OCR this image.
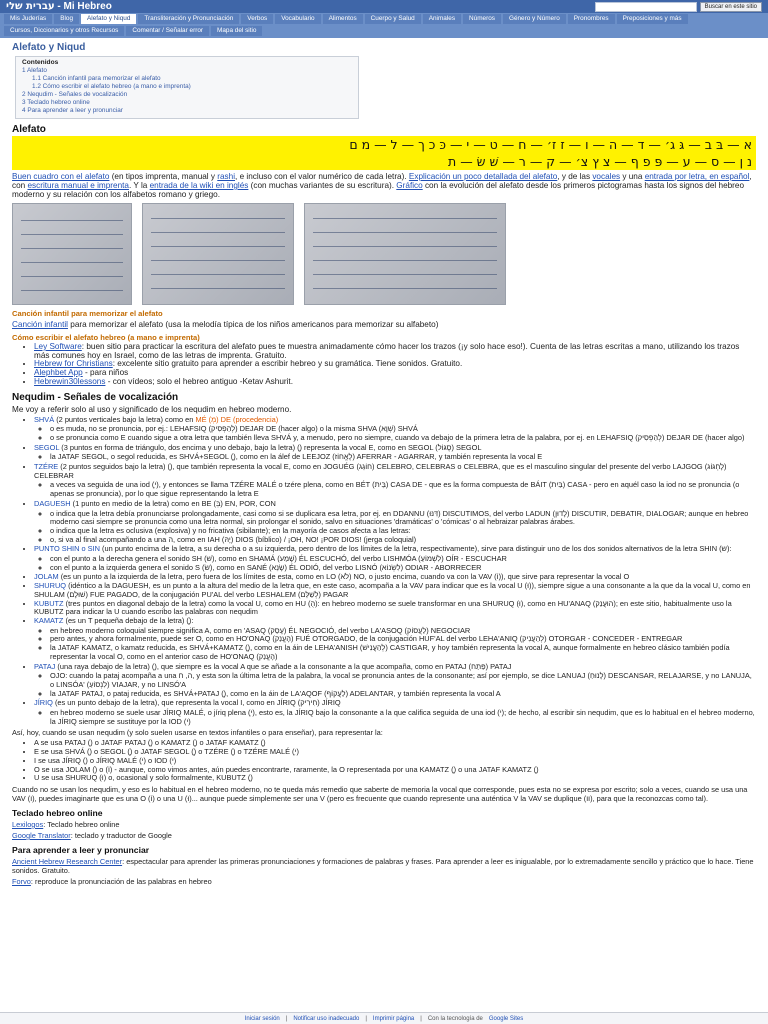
עברית שלי - Mi Hebreo	Buscar en este sitio
Mis Juderías	Blog	Alefato y Niqud	Transliteración y Pronunciación	Verbos	Vocabulario	Alimentos	Cuerpo y Salud	Animales	Números	Género y Número	Pronombres	Preposiciones y más
Cursos, Diccionarios y otros Recursos	Comentar / Señalar error	Mapa del sitio
Alefato y Niqud
Contenidos
1 Alefato
1.1 Canción infantil para memorizar el alefato
1.2 Cómo escribir el alefato hebreo (a mano e imprenta)
2 Nequdim - Señales de vocalización
3 Teclado hebreo online
4 Para aprender a leer y pronunciar
Alefato
א — בּ ב — גּ ג׳ — ד — ה — ו — ז ז׳ — ח — ט — י — כּ כ ך — ל — מ ם
נ ן — ס — ע — פּ פ ף — צ ץ צ׳ — ק — ר — שׁ שׂ — ת

Buen cuadro con el alefato (en tipos imprenta, manual y rashi, e incluso con el valor numérico de cada letra). Explicación un poco detallada del alefato, y de las vocales y una entrada por letra, en español, con escritura manual e imprenta. Y la entrada de la wiki en inglés (con muchas variantes de su escritura). Gráfico con la evolución del alefato desde los primeros pictogramas hasta los signos del hebreo moderno y su relación con los alfabetos romano y griego.

Canción infantil para memorizar el alefato

Canción infantil para memorizar el alefato (usa la melodía típica de los niños americanos para memorizar su alfabeto)

Cómo escribir el alefato hebreo (a mano e imprenta)
• Ley Software: buen sitio para practicar la escritura del alefato pues te muestra animadamente cómo hacer los trazos (¡y solo hace eso!). Cuenta de las letras escritas a mano, utilizando los trazos más comunes hoy en Israel, como de las letras de imprenta. Gratuito.
• Hebrew for Christians: excelente sitio gratuito para aprender a escribir hebreo y su gramática. Tiene sonidos. Gratuito.
• Alephbet App - para niños
• Hebrewin30lessons - con vídeos; solo el hebreo antiguo -Ketav Ashurit.
Nequdim - Señales de vocalización

Me voy a referir solo al uso y significado de los nequdim en hebreo moderno.

• SHVÁ (2 puntos verticales bajo la letra) como en MÉ (מְ) DE (procedencia)
◦ o es muda, no se pronuncia, por ej.: LEHAFSIQ (לְהַפְסִיק) DEJAR DE (hacer algo) o la misma SHVA (שְׁוָא) SHVÁ
◦ o se pronuncia como E cuando sigue a otra letra que también lleva SHVÁ y, a menudo, pero no siempre, cuando va debajo de la primera letra de la palabra, por ej. en LEHAFSIQ (לְהַפְסִיק) DEJAR DE (hacer algo)
• SEGOL (3 puntos en forma de triángulo, dos encima y uno debajo, bajo la letra) (ֶ) representa la vocal E, como en SEGOL (סֶגּוֹל) SEGOL
◦ la JATAF SEGOL, o segol reducida, es SHVÁ+SEGOL (ֱ), como en la álef de LEEJOZ (לֶאֱחוֹז) AFERRAR - AGARRAR, y también representa la vocal E
• TZÉRE (2 puntos seguidos bajo la letra) (ֵ), que también representa la vocal E, como en JOGUÉG (חוֹגֵג) CELEBRO, CELEBRAS o CELEBRA, que es el masculino singular del presente del verbo LAJGOG (לָחְגּוֹג) CELEBRAR
◦ a veces va seguida de una iod (ֵי), y entonces se llama TZÉRE MALÉ o tzére plena, como en BÉT (בֵּית) CASA DE - que es la forma compuesta de BÁIT (בַּיִת) CASA - pero en aquél caso la iod no se pronuncia (o apenas se pronuncia), por lo que sigue representando la letra E
• DAGUESH (1 punto en medio de la letra) como en BE (בְּ) EN, POR, CON
◦ o indica que la letra debía pronunciarse prolongadamente, casi como si se duplicara esa letra, por ej. en DDANNU (דִּנּוּ) DISCUTIMOS, del verbo LADUN (לָדוּן) DISCUTIR, DEBATIR, DIALOGAR; aunque en hebreo moderno casi siempre se pronuncia como una letra normal, sin prolongar el sonido, salvo en situaciones 'dramáticas' o 'cómicas' o al hebraizar palabras árabes.
◦ o indica que la letra es oclusiva (explosiva) y no fricativa (sibilante); en la mayoría de casos afecta a las letras:
◦ o, si va al final acompañando a una ה, como en IAH (יָהּ) DIOS (bíblico) / ¡OH, NO! ¡POR DIOS! (jerga coloquial)
• PUNTO SHIN o SIN (un punto encima de la letra, a su derecha o a su izquierda, pero dentro de los límites de la letra, respectivamente), sirve para distinguir uno de los dos sonidos alternativos de la letra SHIN (ש):
◦ con el punto a la derecha genera el sonido SH (שׁ), como en SHAMÁ (שָׁמַע) ÉL ESCUCHÓ, del verbo LISHMÓA (לִשְׁמוֹעַ) OÍR - ESCUCHAR
◦ con el punto a la izquierda genera el sonido S (שׂ), como en SANÉ (שָׂנֵא) ÉL ODIÓ, del verbo LISNÓ (לִשְׂנוֹא) ODIAR - ABORRECER
• JOLAM (es un punto a la izquierda de la letra, pero fuera de los límites de esta, como en LO (לֹא) NO, o justo encima, cuando va con la VAV (וֹ)), que sirve para representar la vocal O
• SHURUQ (idéntico a la DAGUESH, es un punto a la altura del medio de la letra que, en este caso, acompaña a la VAV para indicar que es la vocal U (וּ)), siempre sigue a una consonante a la que da la vocal U, como en SHULAM (שׁוּלָם) FUE PAGADO, de la conjugación PU'AL del verbo LESHALEM (לְשַׁלֵּם) PAGAR
• KUBUTZ (tres puntos en diagonal debajo de la letra) como la vocal U, como en HU (הֻ): en hebreo moderno se suele transformar en una SHURUQ (וּ), como en HU'ANAQ (הוּעֲנַק); en este sitio, habitualmente uso la KUBUTZ para indicar la U cuando escribo las palabras con nequdim
• KAMATZ (es un T pequeña debajo de la letra) (ָ):
◦ en hebreo moderno coloquial siempre significa A, como en 'ASAQ (עָסַק) ÉL NEGOCIÓ, del verbo LA'ASOQ (לַעֲסוֹק) NEGOCIAR
◦ pero antes, y ahora formalmente, puede ser O, como en HO'ONAQ (הָעֳנַק) FUÉ OTORGADO, de la conjugación HUF'AL del verbo LEHA'ANIQ (לְהַעֲנִיק) OTORGAR - CONCEDER - ENTREGAR
◦ la JATAF KAMATZ, o kamatz reducida, es SHVÁ+KAMATZ (ֳ), como en la áin de LEHA'ANISH (לְהַעֲנִישׁ) CASTIGAR, y hoy también representa la vocal A, aunque formalmente en hebreo clásico también podía representar la vocal O, como en el anterior caso de HO'ONAQ (הָעֳנַק)
• PATAJ (una raya debajo de la letra) (ַ), que siempre es la vocal A que se añade a la consonante a la que acompaña, como en PATAJ (פַּתַח) PATAJ
◦ OJO: cuando la pataj acompaña a una ה, ח, y esta son la última letra de la palabra, la vocal se pronuncia antes de la consonante; así por ejemplo, se dice LANUAJ (לָנוּחַ) DESCANSAR, RELAJARSE, y no LANUJA, o LINSÓA' (לִנְסוֹעַ) VIAJAR, y no LINSÓ'A
◦ la JATAF PATAJ, o pataj reducida, es SHVÁ+PATAJ (ֲ), como en la áin de LA'AQOF (לַעֲקוֹף) ADELANTAR, y también representa la vocal A
• JÍRIQ (es un punto debajo de la letra), que representa la vocal I, como en JÍRIQ (חִירִיק) JÍRIQ
◦ en hebreo moderno se suele usar JÍRIQ MALÉ, o jíriq plena (ִי), esto es, la JÍRIQ bajo la consonante a la que califica seguida de una iod (י); de hecho, al escribir sin nequdim, que es lo habitual en el hebreo moderno, la JÍRIQ siempre se sustituye por la IOD (י)

Así, hoy, cuando se usan nequdim (y solo suelen usarse en textos infantiles o para enseñar), para representar la:

• A se usa PATAJ (ַ) o JATAF PATAJ (ֲ) o KAMATZ (ָ) o JATAF KAMATZ (ֳ)
• E se usa SHVÁ (ְ) o SEGOL (ֶ) o JATAF SEGOL (ֱ) o TZÉRE (ֵ) o TZÉRE MALÉ (ֵי)
• I se usa JÍRIQ (ִ) o JÍRIQ MALÉ (ִי) o IOD (י)
• O se usa JOLAM (ֹ) o (וֹ) - aunque, como vimos antes, aún puedes encontrarte, raramente, la O representada por una KAMATZ (ָ) o una JATAF KAMATZ (ֳ)
• U se usa SHURUQ (וּ) o, ocasional y solo formalmente, KUBUTZ (ֻ)

Cuando no se usan los nequdim, y eso es lo habitual en el hebreo moderno, no te queda más remedio que saberte de memoria la vocal que corresponde, pues esta no se expresa por escrito; solo a veces, cuando se usa una VAV (ו), puedes imaginarte que es una O (וֹ) o una U (וּ)... aunque puede simplemente ser una V (pero es frecuente que cuando represente una auténtica V la VAV se duplique (וו), para que la reconozcas como tal).

Teclado hebreo online

Lexilogos: Teclado hebreo online

Google Translator: teclado y traductor de Google

Para aprender a leer y pronunciar

Ancient Hebrew Research Center: espectacular para aprender las primeras pronunciaciones y formaciones de palabras y frases. Para aprender a leer es inigualable, por lo extremadamente sencillo y práctico que lo hace. Tiene sonidos. Gratuito.

Forvo: reproduce la pronunciación de las palabras en hebreo

Iniciar sesión | Notificar uso inadecuado | Imprimir página | Con la tecnología de Google Sites
